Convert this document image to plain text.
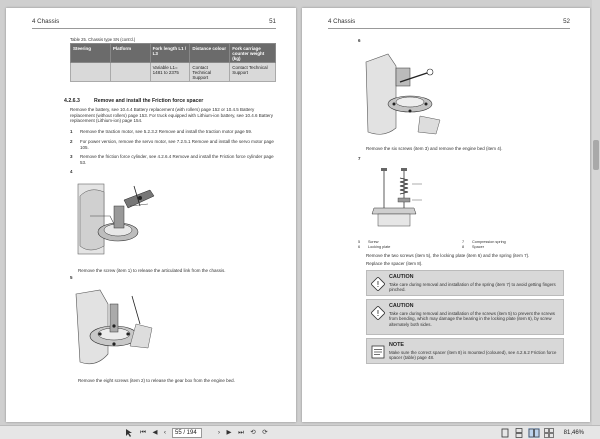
4 Chassis	51
Table 25. Chassis type SN (cont'd.)
Steering	Platform	Fork length L1 / L3	Distance colour	Fork carriage counter weight (kg)
		Variable L1= 1481 to 2375	Contact Technical Support	Contact Technical Support
4.2.6.3	Remove and install the Friction force spacer
Remove the battery, see 10.4.4 Battery replacement (with rollers) page 152 or 10.4.5 Battery replacement (without rollers) page 153. For truck equipped with Lithium-ion battery, see 10.4.6 Battery replacement (Lithium-ion) page 154.
1 Remove the traction motor, see 5.2.3.2 Remove and install the traction motor page 59.
2 For power version, remove the servo motor, see 7.2.5.1 Remove and install the servo motor page 105.
3 Remove the friction force cylinder, see 4.2.6.4 Remove and install the Friction force cylinder page 53.
4
Remove the screw (item 1) to release the articulated link from the chassis.
5
Remove the eight screws (item 2) to release the gear box from the engine bed.
4 Chassis	52
6
Remove the six screws (item 3) and remove the engine bed (item 4).
7
5 Screw	7 Compression spring
6 Locking plate	8 Spacer
Remove the two screws (item 5), the locking plate (item 6) and the spring (item 7).
Replace the spacer (item 8).
!
CAUTION
Take care during removal and installation of the spring (item 7) to avoid getting fingers pinched.
!
CAUTION
Take care during removal and installation of the screws (item 5) to prevent the screws from bending, which may damage the bearing in the locking plate (item 6), by screw alternately both sides.
NOTE
Make sure the correct spacer (item 8) is mounted (coloured), see 4.2.6.2 Friction force spacer (table) page 48.
⏮	◀ ‹	55 / 194	› ▶	⏭ ⟲	⟳	81,46%
